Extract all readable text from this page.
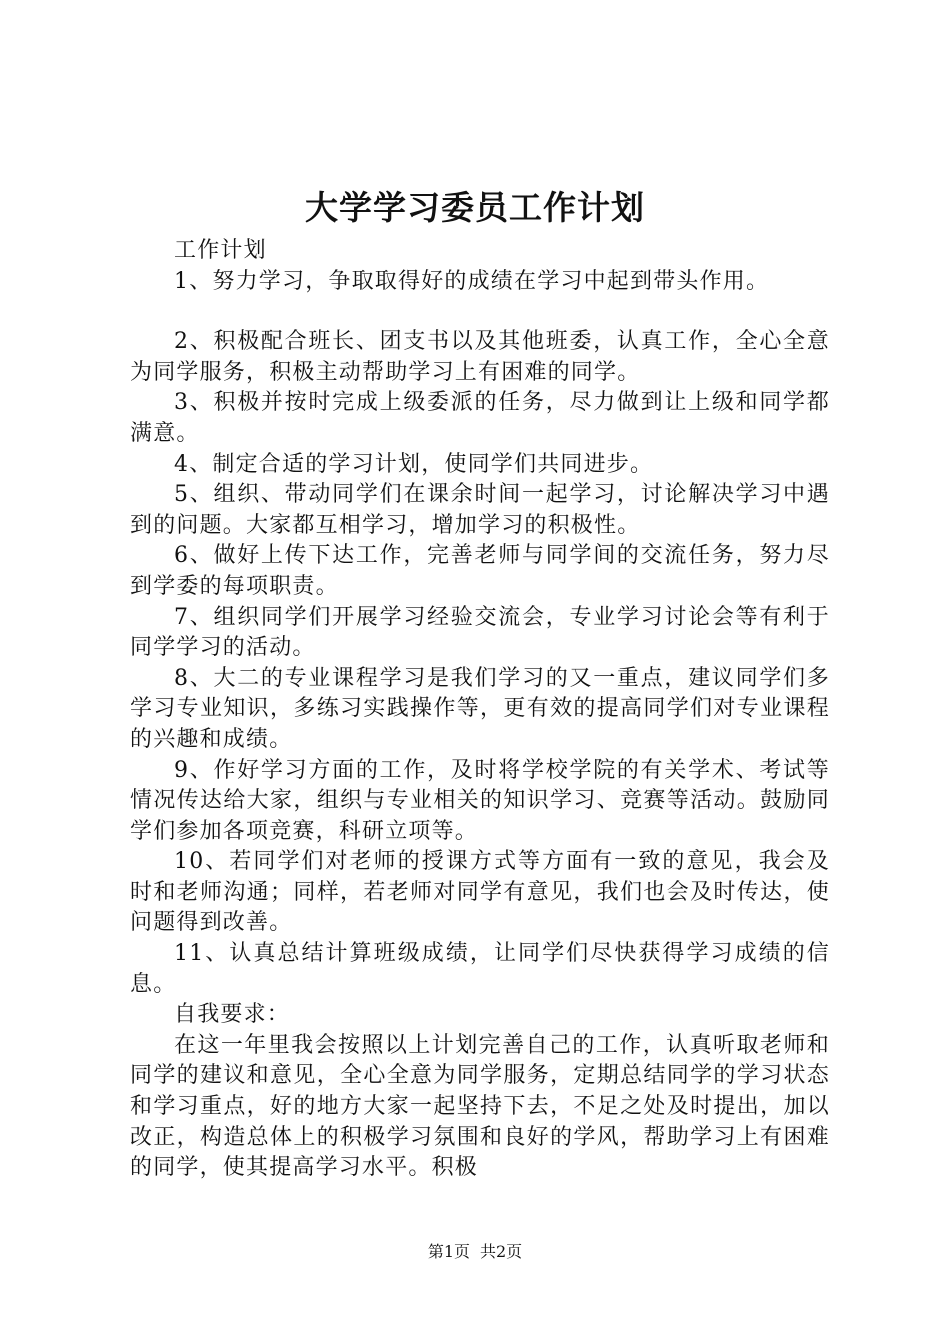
大学学习委员工作计划

工作计划

1、努力学习，争取取得好的成绩在学习中起到带头作用。

2、积极配合班长、团支书以及其他班委，认真工作，全心全意为同学服务，积极主动帮助学习上有困难的同学。

3、积极并按时完成上级委派的任务，尽力做到让上级和同学都满意。

4、制定合适的学习计划，使同学们共同进步。

5、组织、带动同学们在课余时间一起学习，讨论解决学习中遇到的问题。大家都互相学习，增加学习的积极性。

6、做好上传下达工作，完善老师与同学间的交流任务，努力尽到学委的每项职责。

7、组织同学们开展学习经验交流会，专业学习讨论会等有利于同学学习的活动。

8、大二的专业课程学习是我们学习的又一重点，建议同学们多学习专业知识，多练习实践操作等，更有效的提高同学们对专业课程的兴趣和成绩。

9、作好学习方面的工作，及时将学校学院的有关学术、考试等情况传达给大家，组织与专业相关的知识学习、竞赛等活动。鼓励同学们参加各项竞赛，科研立项等。

10、若同学们对老师的授课方式等方面有一致的意见，我会及时和老师沟通；同样，若老师对同学有意见，我们也会及时传达，使问题得到改善。

11、认真总结计算班级成绩，让同学们尽快获得学习成绩的信息。

自我要求：

在这一年里我会按照以上计划完善自己的工作，认真听取老师和同学的建议和意见，全心全意为同学服务，定期总结同学的学习状态和学习重点，好的地方大家一起坚持下去，不足之处及时提出，加以改正，构造总体上的积极学习氛围和良好的学风，帮助学习上有困难的同学，使其提高学习水平。积极

第1页 共2页
